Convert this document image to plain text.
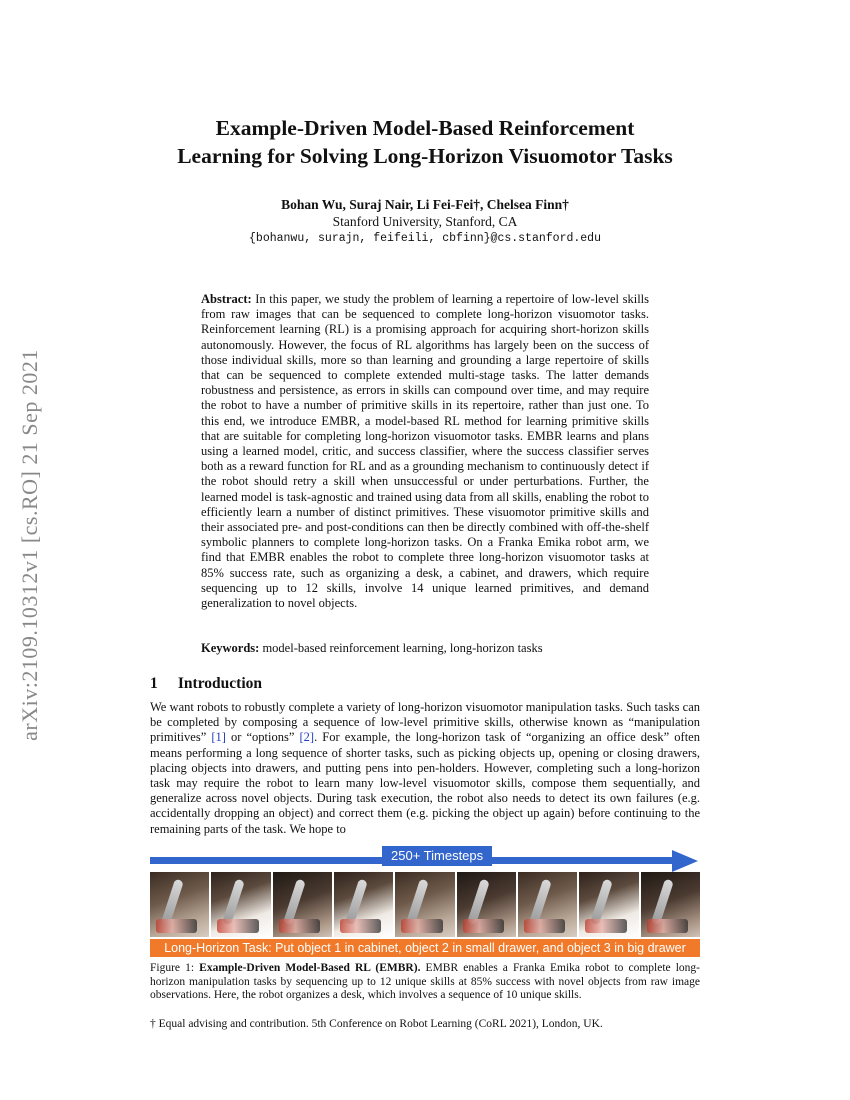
arXiv:2109.10312v1 [cs.RO] 21 Sep 2021
Example-Driven Model-Based Reinforcement
Learning for Solving Long-Horizon Visuomotor Tasks
Bohan Wu, Suraj Nair, Li Fei-Fei†, Chelsea Finn†
Stanford University, Stanford, CA
{bohanwu, surajn, feifeili, cbfinn}@cs.stanford.edu
Abstract: In this paper, we study the problem of learning a repertoire of low-level skills from raw images that can be sequenced to complete long-horizon visuomotor tasks. Reinforcement learning (RL) is a promising approach for acquiring short-horizon skills autonomously. However, the focus of RL algorithms has largely been on the success of those individual skills, more so than learning and grounding a large repertoire of skills that can be sequenced to complete extended multi-stage tasks. The latter demands robustness and persistence, as errors in skills can compound over time, and may require the robot to have a number of primitive skills in its repertoire, rather than just one. To this end, we introduce EMBR, a model-based RL method for learning primitive skills that are suitable for completing long-horizon visuomotor tasks. EMBR learns and plans using a learned model, critic, and success classifier, where the success classifier serves both as a reward function for RL and as a grounding mechanism to continuously detect if the robot should retry a skill when unsuccessful or under perturbations. Further, the learned model is task-agnostic and trained using data from all skills, enabling the robot to efficiently learn a number of distinct primitives. These visuomotor primitive skills and their associated pre- and post-conditions can then be directly combined with off-the-shelf symbolic planners to complete long-horizon tasks. On a Franka Emika robot arm, we find that EMBR enables the robot to complete three long-horizon visuomotor tasks at 85% success rate, such as organizing a desk, a cabinet, and drawers, which require sequencing up to 12 skills, involve 14 unique learned primitives, and demand generalization to novel objects.
Keywords: model-based reinforcement learning, long-horizon tasks
1 Introduction
We want robots to robustly complete a variety of long-horizon visuomotor manipulation tasks. Such tasks can be completed by composing a sequence of low-level primitive skills, otherwise known as “manipulation primitives” [1] or “options” [2]. For example, the long-horizon task of “organizing an office desk” often means performing a long sequence of shorter tasks, such as picking objects up, opening or closing drawers, placing objects into drawers, and putting pens into pen-holders. However, completing such a long-horizon task may require the robot to learn many low-level visuomotor skills, compose them sequentially, and generalize across novel objects. During task execution, the robot also needs to detect its own failures (e.g. accidentally dropping an object) and correct them (e.g. picking the object up again) before continuing to the remaining parts of the task. We hope to
250+ Timesteps
Long-Horizon Task: Put object 1 in cabinet, object 2 in small drawer, and object 3 in big drawer
Figure 1: Example-Driven Model-Based RL (EMBR). EMBR enables a Franka Emika robot to complete long-horizon manipulation tasks by sequencing up to 12 unique skills at 85% success with novel objects from raw image observations. Here, the robot organizes a desk, which involves a sequence of 10 unique skills.
† Equal advising and contribution. 5th Conference on Robot Learning (CoRL 2021), London, UK.
